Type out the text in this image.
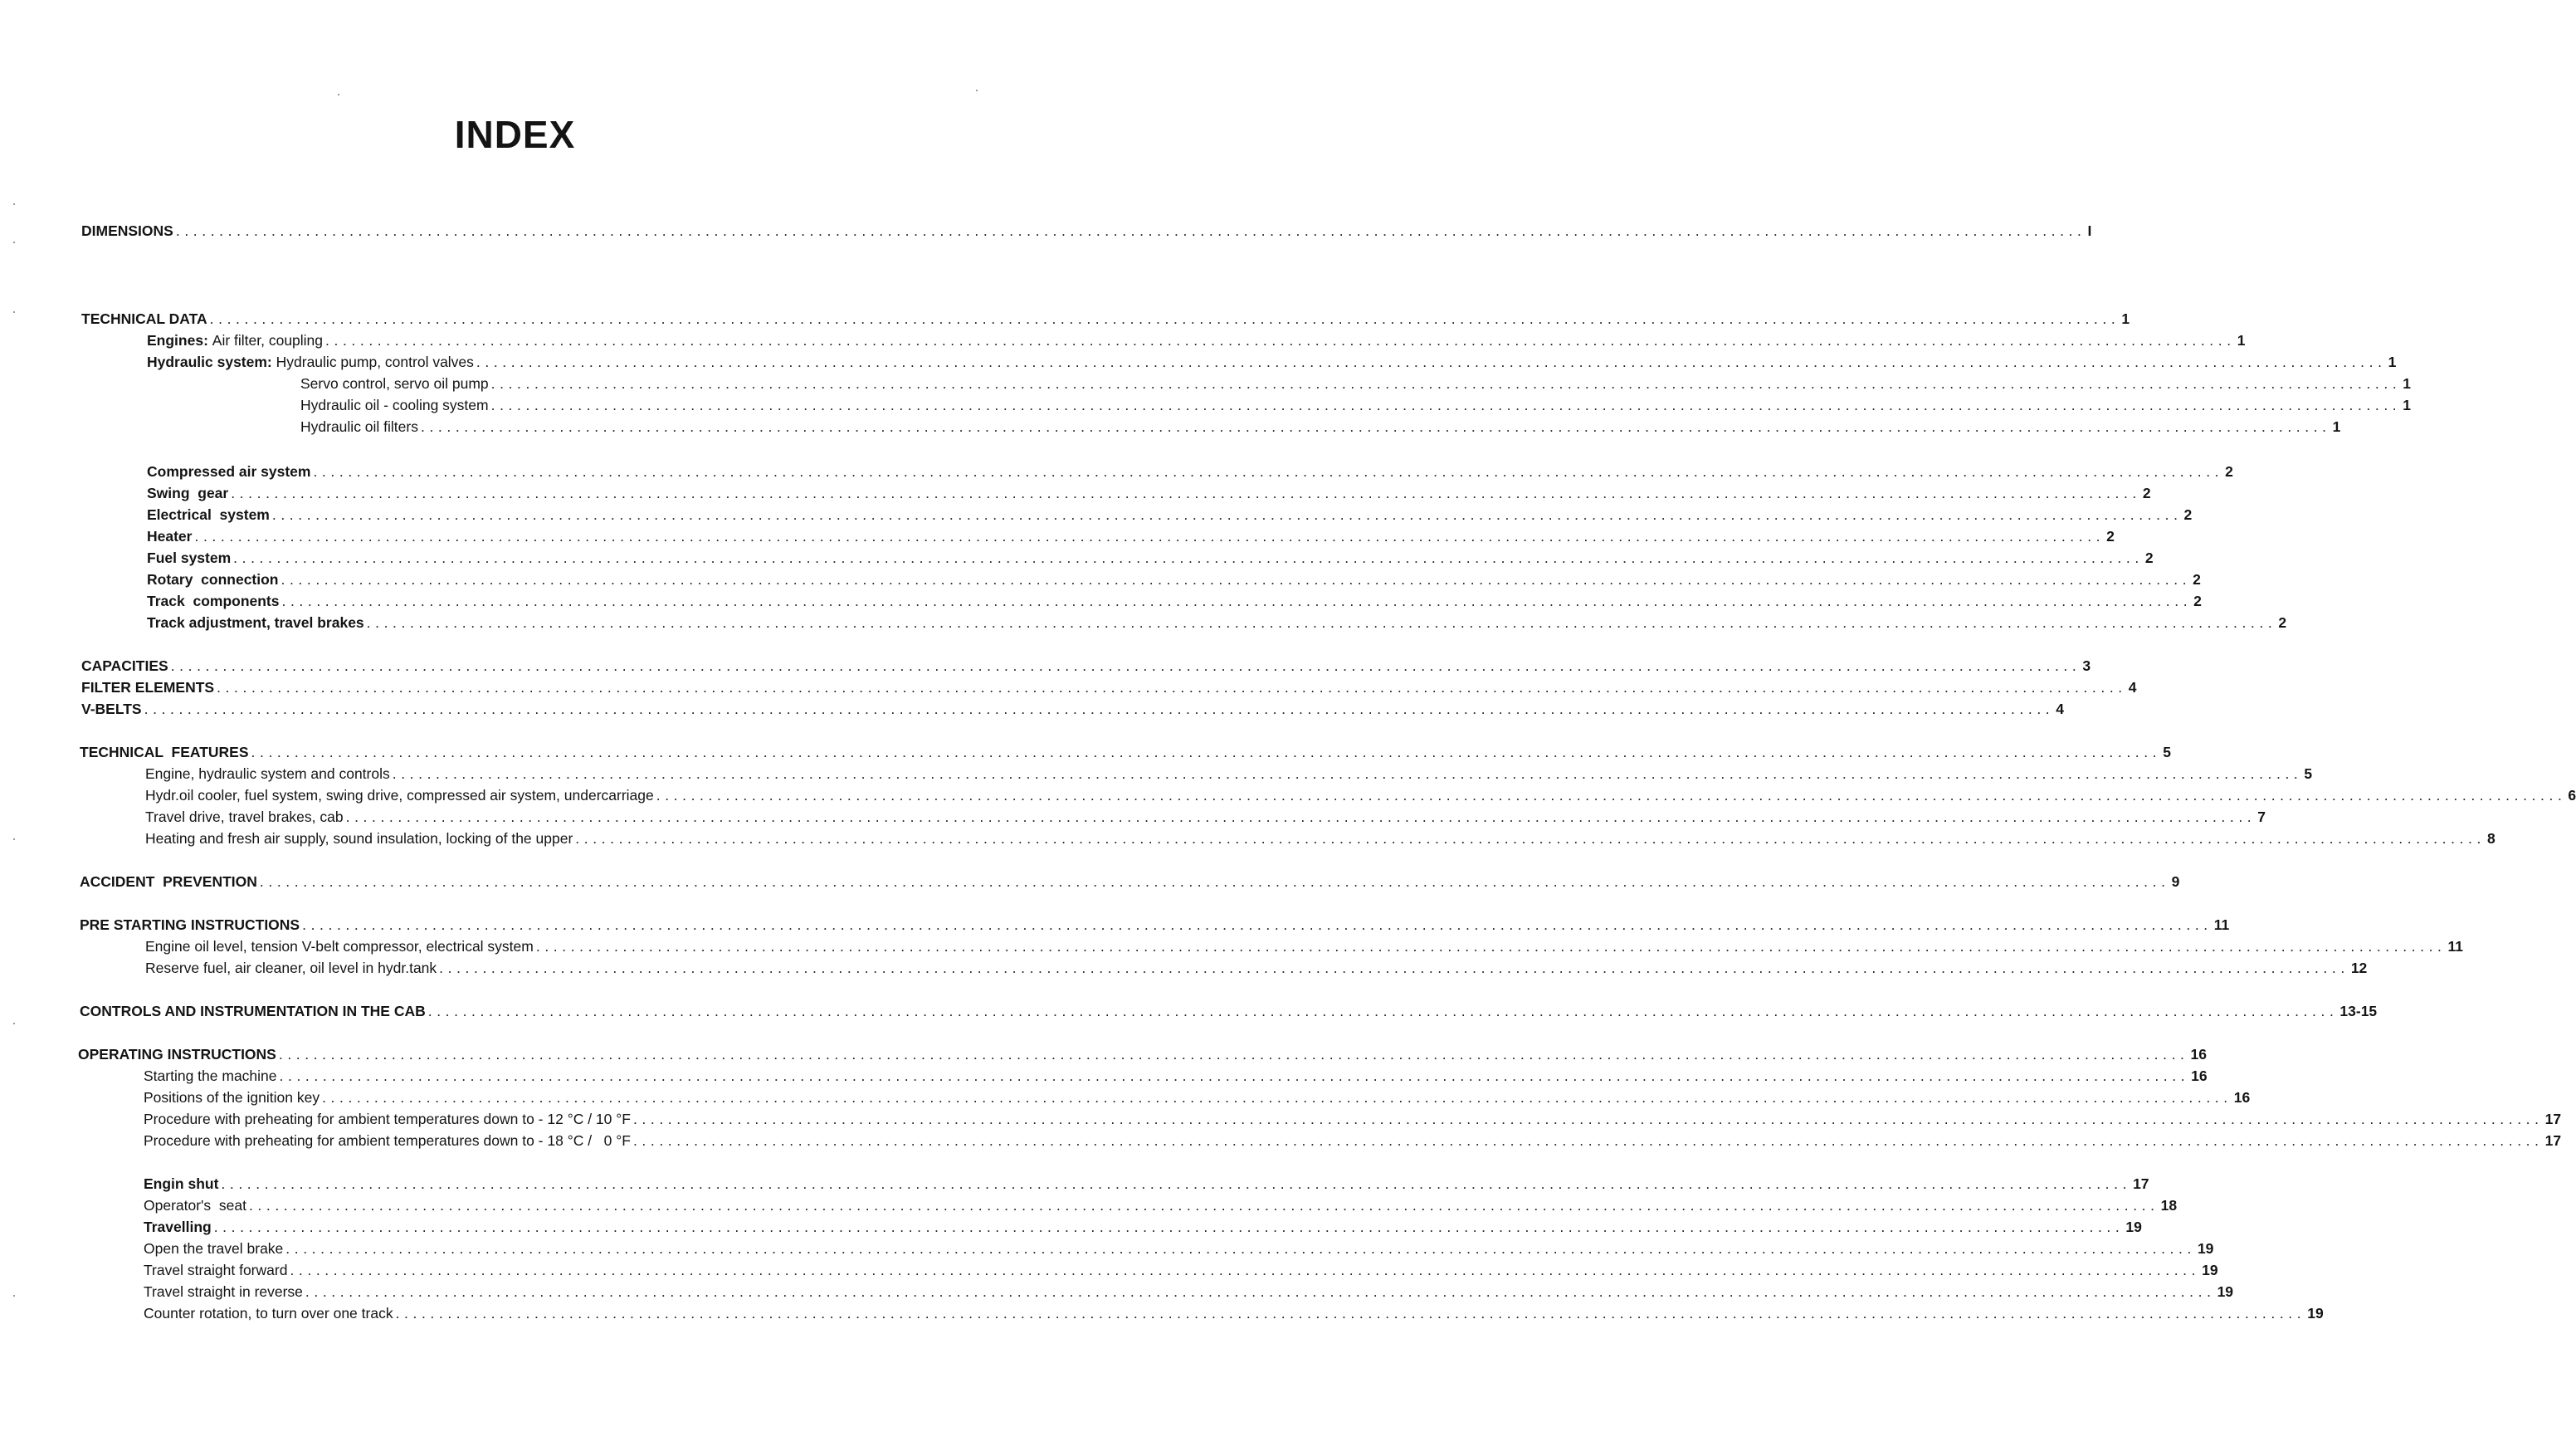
INDEX
DIMENSIONS ............................................................................................................................................................................................................................ I
TECHNICAL DATA ............................................................................................................................................................................................................................ 1
Engines: Air filter, coupling ............................................................................................................................................................................................................................ 1
Hydraulic system: Hydraulic pump, control valves ............................................................................................................................................................................................................................ 1
Servo control, servo oil pump ............................................................................................................................................................................................................................ 1
Hydraulic oil - cooling system ............................................................................................................................................................................................................................ 1
Hydraulic oil filters ............................................................................................................................................................................................................................ 1
Compressed air system ............................................................................................................................................................................................................................ 2
Swing  gear ............................................................................................................................................................................................................................ 2
Electrical  system ............................................................................................................................................................................................................................ 2
Heater ............................................................................................................................................................................................................................ 2
Fuel system ............................................................................................................................................................................................................................ 2
Rotary  connection ............................................................................................................................................................................................................................ 2
Track  components ............................................................................................................................................................................................................................ 2
Track adjustment, travel brakes ............................................................................................................................................................................................................................ 2
CAPACITIES ............................................................................................................................................................................................................................ 3
FILTER ELEMENTS ............................................................................................................................................................................................................................ 4
V-BELTS ............................................................................................................................................................................................................................ 4
TECHNICAL  FEATURES ............................................................................................................................................................................................................................ 5
Engine, hydraulic system and controls ............................................................................................................................................................................................................................ 5
Hydr.oil cooler, fuel system, swing drive, compressed air system, undercarriage ............................................................................................................................................................................................................................ 6
Travel drive, travel brakes, cab ............................................................................................................................................................................................................................ 7
Heating and fresh air supply, sound insulation, locking of the upper ............................................................................................................................................................................................................................ 8
ACCIDENT  PREVENTION ............................................................................................................................................................................................................................ 9
PRE STARTING INSTRUCTIONS ............................................................................................................................................................................................................................ 11
Engine oil level, tension V-belt compressor, electrical system ............................................................................................................................................................................................................................ 11
Reserve fuel, air cleaner, oil level in hydr.tank ............................................................................................................................................................................................................................ 12
CONTROLS AND INSTRUMENTATION IN THE CAB ............................................................................................................................................................................................................................ 13-15
OPERATING INSTRUCTIONS ............................................................................................................................................................................................................................ 16
Starting the machine ............................................................................................................................................................................................................................ 16
Positions of the ignition key ............................................................................................................................................................................................................................ 16
Procedure with preheating for ambient temperatures down to - 12 °C / 10 °F ............................................................................................................................................................................................................................ 17
Procedure with preheating for ambient temperatures down to - 18 °C /   0 °F ............................................................................................................................................................................................................................ 17
Engin shut ............................................................................................................................................................................................................................ 17
Operator's  seat ............................................................................................................................................................................................................................ 18
Travelling ............................................................................................................................................................................................................................ 19
Open the travel brake ............................................................................................................................................................................................................................ 19
Travel straight forward ............................................................................................................................................................................................................................ 19
Travel straight in reverse ............................................................................................................................................................................................................................ 19
Counter rotation, to turn over one track ............................................................................................................................................................................................................................ 19
